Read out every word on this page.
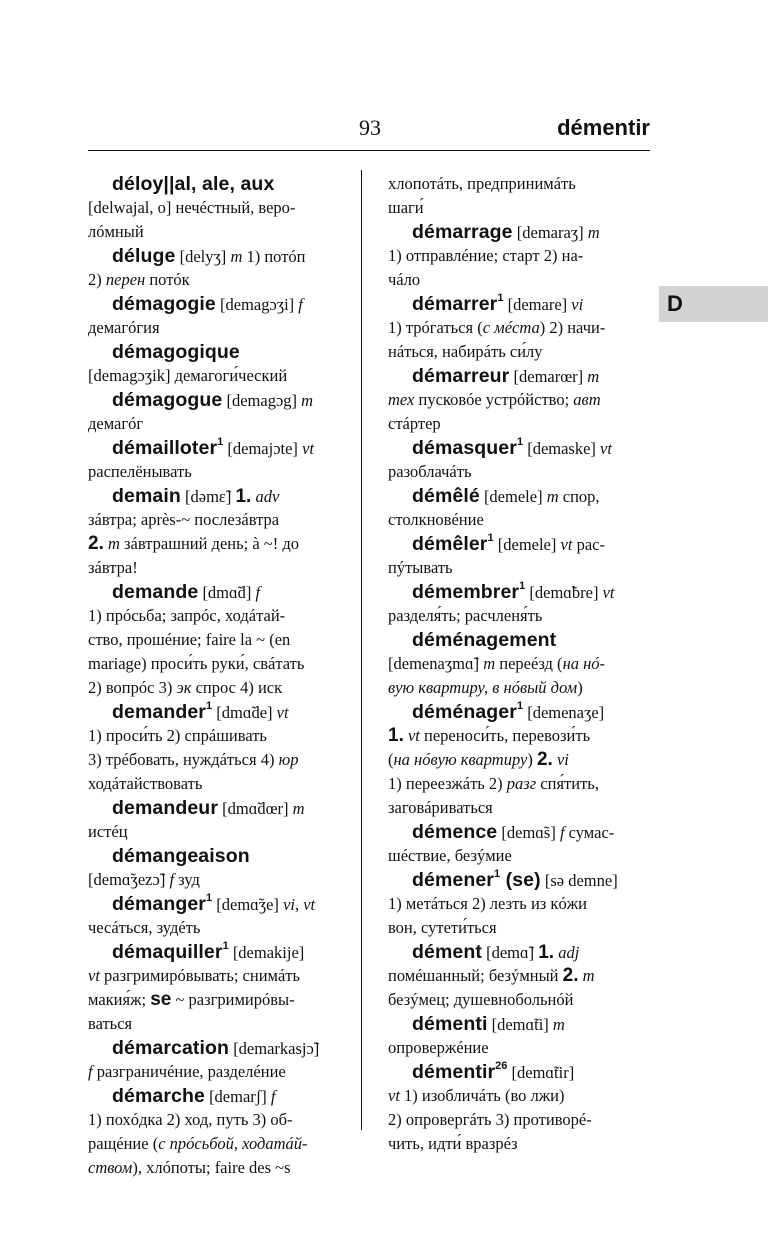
93	démentir
D
déloy||al, ale, aux
[delwajal, o] нечéстный, веро-
лóмный
déluge [delyʒ] m 1) потóп
2) перен потóк
démagogie [demagɔʒi] f
демагóгия
démagogique
[demagɔʒik] демагоги́ческий
démagogue [demagɔg] m
демагóг
démailloter$^1$ [demajɔte] vt
распелёнывать
demain [dəmɛ̃] 1. adv
зáвтра; après-~ послезáвтра
2. m зáвтрашний день; à ~! до
зáвтра!
demande [dmɑ̃d] f
1) прóсьба; запрóс, ходáтай-
ство, прошéние; faire la ~ (en
mariage) проси́ть руки́, свáтать
2) вопрóс 3) эк спрос 4) иск
demander$^1$ [dmɑ̃de] vt
1) проси́ть 2) спрáшивать
3) трéбовать, нуждáться 4) юр
ходáтайствовать
demandeur [dmɑ̃dœr] m
истéц
démangeaison
[demɑ̃ʒezɔ̃] f зуд
démanger$^1$ [demɑ̃ʒe] vi, vt
чесáться, зудéть
démaquiller$^1$ [demakije]
vt разгримирóвывать; снимáть
макия́ж; se ~ разгримирóвы-
ваться
démarcation [demarkasjɔ̃]
f разграничéние, разделéние
démarche [demarʃ] f
1) похóдка 2) ход, путь 3) об-
ращéние (с прóсьбой, ходатáй-
ством), хлóпоты; faire des ~s
хлопотáть, предпринимáть
шаги́
démarrage [demaraʒ] m
1) отправлéние; старт 2) на-
чáло
démarrer$^1$ [demare] vi
1) трóгаться (с мéста) 2) начи-
нáться, набирáть си́лу
démarreur [demarœr] m
тех пусковóе устрóйство; авт
стáртер
démasquer$^1$ [demaske] vt
разоблачáть
démêlé [demele] m спор,
столкновéние
démêler$^1$ [demele] vt рас-
пýтывать
démembrer$^1$ [demɑ̃bre] vt
разделя́ть; расчленя́ть
déménagement
[demenaʒmɑ̃] m переéзд (на нó-
вую квартиру, в нóвый дом)
déménager$^1$ [demenaʒe]
1. vt переноси́ть, перевози́ть
(на нóвую квартиру) 2. vi
1) переезжáть 2) разг спя́тить,
заговáриваться
démence [demɑ̃s] f сумас-
шéствие, безýмие
démener$^1$ (se) [sə demne]
1) метáться 2) лезть из кóжи
вон, сутети́ться
dément [demɑ̃] 1. adj
помéшанный; безýмный 2. m
безýмец; душевнобольнóй
démenti [demɑ̃ti] m
опровержéние
démentir$^{26}$ [demɑ̃tir]
vt 1) изобличáть (во лжи)
2) опровергáть 3) противорé-
чить, идти́ вразрéз
